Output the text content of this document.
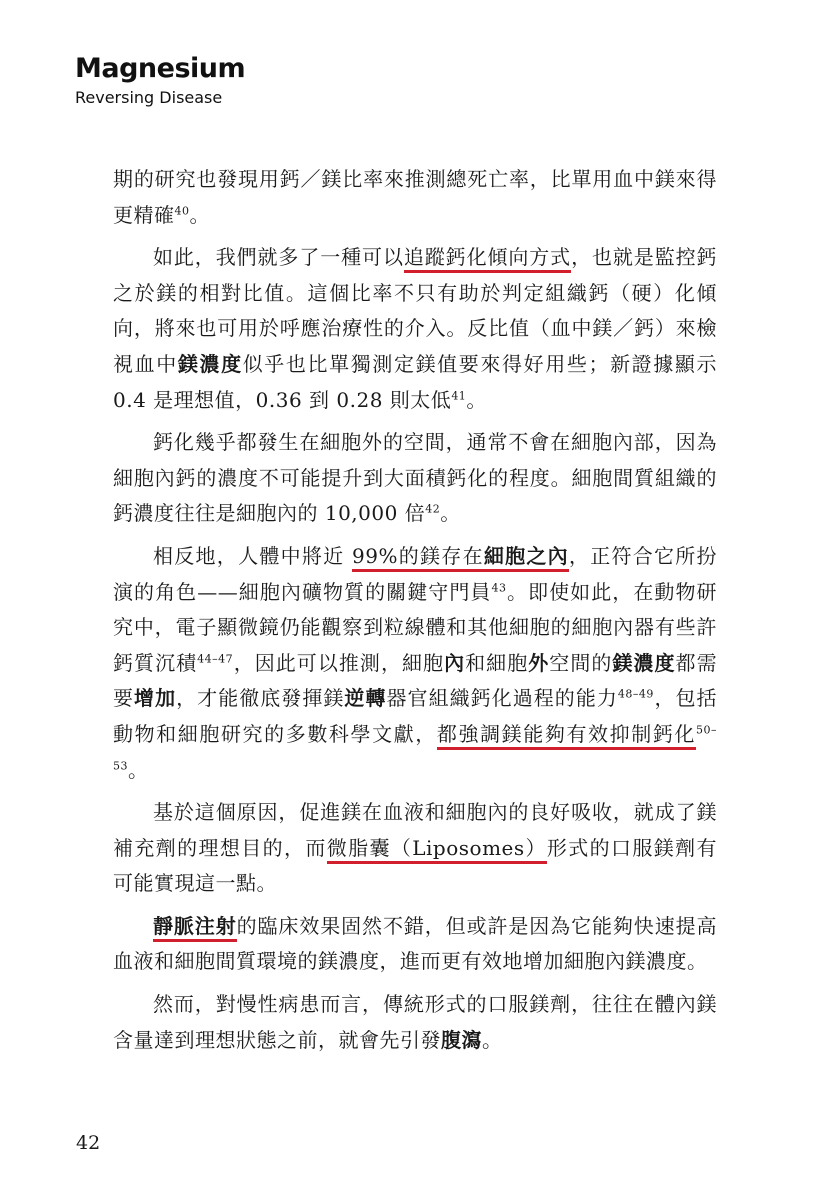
Magnesium
Reversing Disease

期的研究也發現用鈣／鎂比率來推測總死亡率，比單用血中鎂來得更精確$^{40}$。

如此，我們就多了一種可以追蹤鈣化傾向方式，也就是監控鈣之於鎂的相對比值。這個比率不只有助於判定組織鈣（硬）化傾向，將來也可用於呼應治療性的介入。反比值（血中鎂／鈣）來檢視血中鎂濃度似乎也比單獨測定鎂值要來得好用些；新證據顯示 0.4 是理想值，0.36 到 0.28 則太低$^{41}$。

鈣化幾乎都發生在細胞外的空間，通常不會在細胞內部，因為細胞內鈣的濃度不可能提升到大面積鈣化的程度。細胞間質組織的鈣濃度往往是細胞內的 10,000 倍$^{42}$。

相反地，人體中將近 99%的鎂存在細胞之內，正符合它所扮演的角色——細胞內礦物質的關鍵守門員$^{43}$。即使如此，在動物研究中，電子顯微鏡仍能觀察到粒線體和其他細胞的細胞內器有些許鈣質沉積$^{44-47}$，因此可以推測，細胞內和細胞外空間的鎂濃度都需要增加，才能徹底發揮鎂逆轉器官組織鈣化過程的能力$^{48-49}$，包括動物和細胞研究的多數科學文獻，都強調鎂能夠有效抑制鈣化$^{50-53}$。

基於這個原因，促進鎂在血液和細胞內的良好吸收，就成了鎂補充劑的理想目的，而微脂囊（Liposomes）形式的口服鎂劑有可能實現這一點。

靜脈注射的臨床效果固然不錯，但或許是因為它能夠快速提高血液和細胞間質環境的鎂濃度，進而更有效地增加細胞內鎂濃度。

然而，對慢性病患而言，傳統形式的口服鎂劑，往往在體內鎂含量達到理想狀態之前，就會先引發腹瀉。

42
